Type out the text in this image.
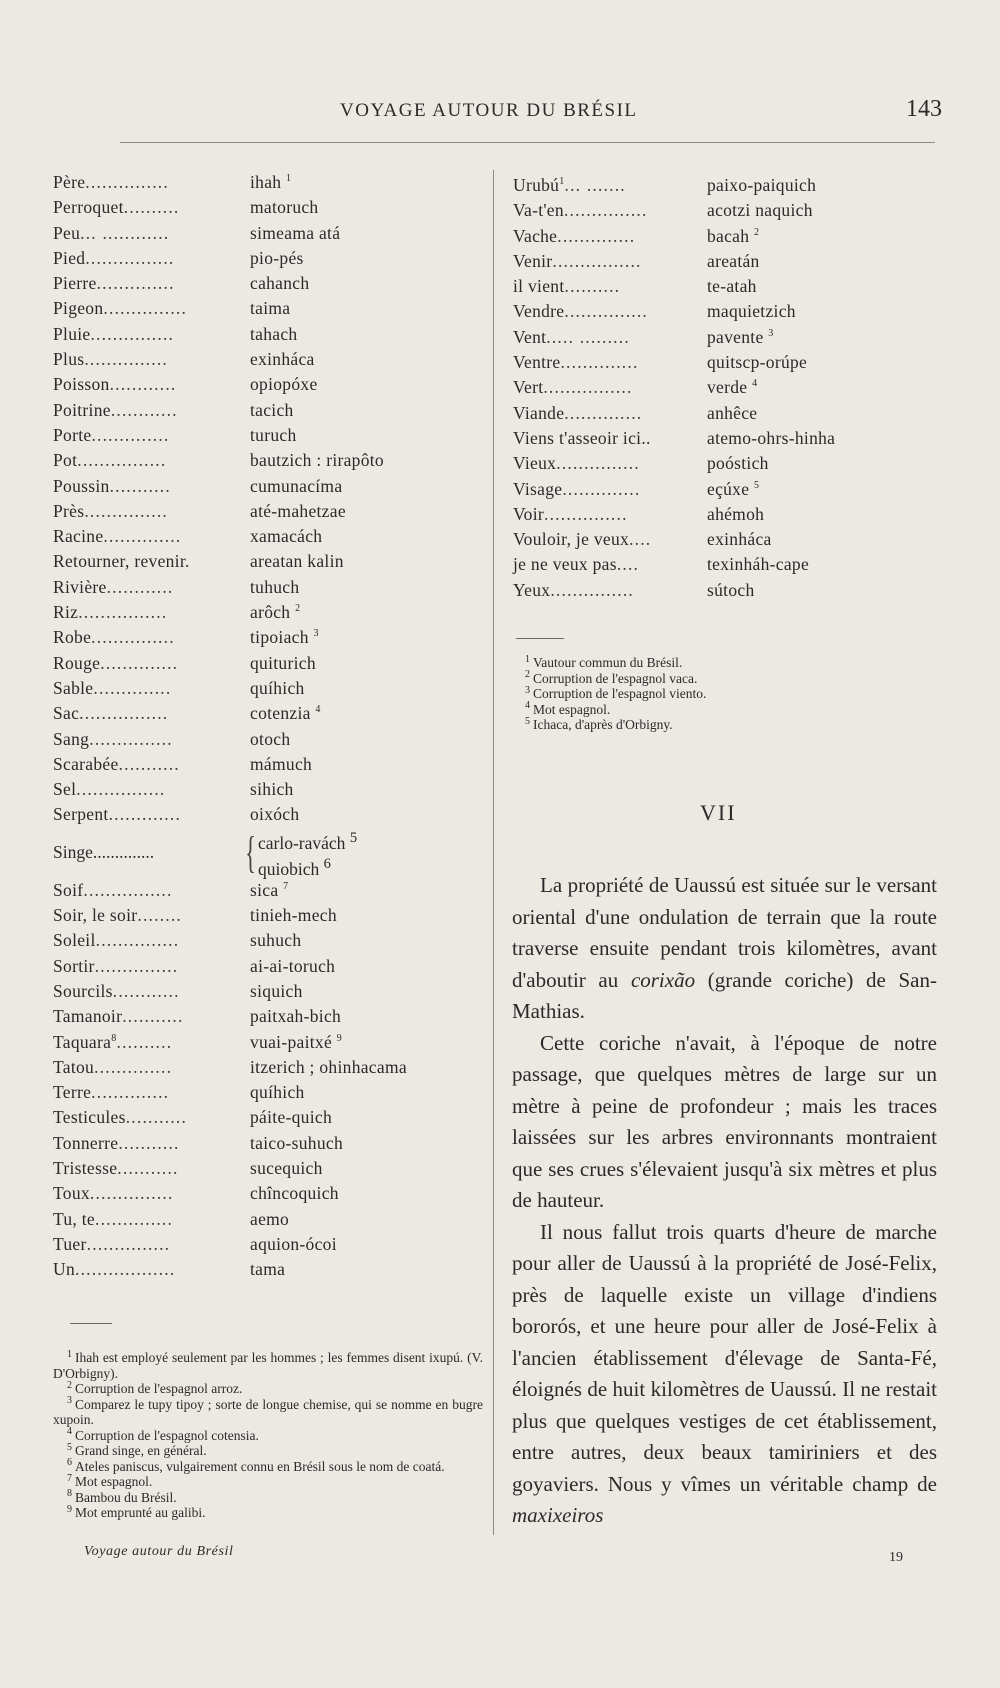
VOYAGE AUTOUR DU BRÉSIL	143
Père...............	ihah $^1$
Perroquet..........	matoruch
Peu... ............	simeama atá
Pied................	pio-pés
Pierre..............	cahanch
Pigeon...............	taima
Pluie...............	tahach
Plus...............	exinháca
Poisson............	opiopóxe
Poitrine............	tacich
Porte..............	turuch
Pot................	bautzich : rirapôto
Poussin...........	cumunacíma
Près...............	até-mahetzae
Racine..............	xamacách
Retourner, revenir.	areatan kalin
Rivière............	tuhuch
Riz................	arôch $^2$
Robe...............	tipoiach $^3$
Rouge..............	quiturich
Sable..............	quíhich
Sac................	cotenzia $^4$
Sang...............	otoch
Scarabée...........	mámuch
Sel................	sihich
Serpent.............	oixóch
Singe.............. { carlo-ravách $^5$
quiobich $^6$
Soif................	sica $^7$
Soir, le soir........	tinieh-mech
Soleil...............	suhuch
Sortir...............	ai-ai-toruch
Sourcils............	siquich
Tamanoir...........	paitxah-bich
Taquara$^8$..........	vuai-paitxé $^9$
Tatou..............	itzerich ; ohinhacama
Terre..............	quíhich
Testicules...........	páite-quich
Tonnerre...........	taico-suhuch
Tristesse...........	sucequich
Toux...............	chîncoquich
Tu, te..............	aemo
Tuer...............	aquion-ócoi
Un..................	tama

$^1$ Ihah est employé seulement par les hommes ; les femmes disent ixupú. (V. D'Orbigny).

$^2$ Corruption de l'espagnol arroz.

$^3$ Comparez le tupy tipoy ; sorte de longue chemise, qui se nomme en bugre xupoin.

$^4$ Corruption de l'espagnol cotensia.

$^5$ Grand singe, en général.

$^6$ Ateles paniscus, vulgairement connu en Brésil sous le nom de coatá.

$^7$ Mot espagnol.

$^8$ Bambou du Brésil.

$^9$ Mot emprunté au galibi.

Voyage autour du Brésil
Urubú$^1$... .......	paixo-paiquich
Va-t'en...............	acotzi naquich
Vache..............	bacah $^2$
Venir................	areatán
il vient..........	te-atah
Vendre...............	maquietzich
Vent..... .........	pavente $^3$
Ventre..............	quitscp-orúpe
Vert................	verde $^4$
Viande..............	anhêce
Viens t'asseoir ici..	atemo-ohrs-hinha
Vieux...............	poóstich
Visage..............	eçúxe $^5$
Voir...............	ahémoh
Vouloir, je veux....	exinháca
je ne veux pas....	texinháh-cape
Yeux...............	sútoch

$^1$ Vautour commun du Brésil.

$^2$ Corruption de l'espagnol vaca.

$^3$ Corruption de l'espagnol viento.

$^4$ Mot espagnol.

$^5$ Ichaca, d'après d'Orbigny.

VII

La propriété de Uaussú est située sur le versant oriental d'une ondulation de terrain que la route traverse ensuite pendant trois kilomètres, avant d'aboutir au corixão (grande coriche) de San-Mathias.

Cette coriche n'avait, à l'époque de notre passage, que quelques mètres de large sur un mètre à peine de profondeur ; mais les traces laissées sur les arbres environnants montraient que ses crues s'élevaient jusqu'à six mètres et plus de hauteur.

Il nous fallut trois quarts d'heure de marche pour aller de Uaussú à la propriété de José-Felix, près de laquelle existe un village d'indiens bororós, et une heure pour aller de José-Felix à l'ancien établissement d'élevage de Santa-Fé, éloignés de huit kilomètres de Uaussú. Il ne restait plus que quelques vestiges de cet établissement, entre autres, deux beaux tamiriniers et des goyaviers. Nous y vîmes un véritable champ de maxixeiros

19
